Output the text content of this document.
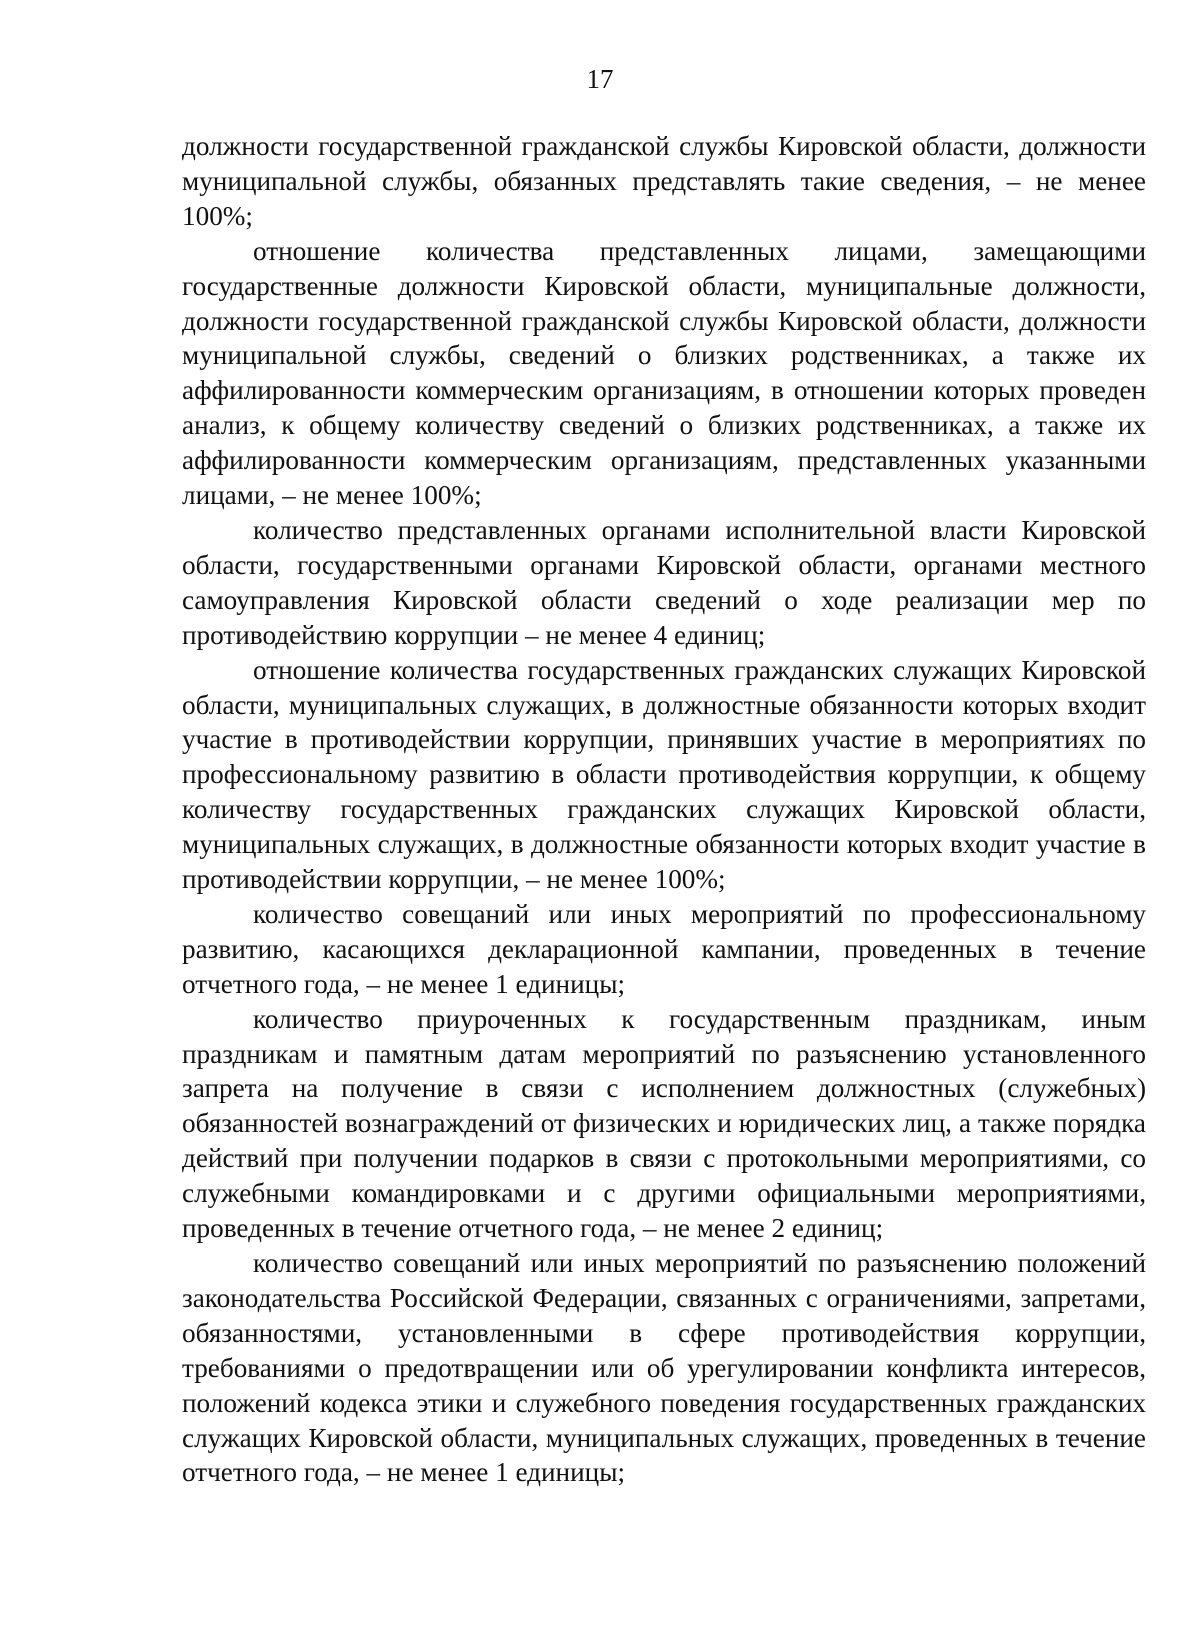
17

должности государственной гражданской службы Кировской области, должности муниципальной службы, обязанных представлять такие сведения, – не менее 100%;

отношение количества представленных лицами, замещающими государственные должности Кировской области, муниципальные должности, должности государственной гражданской службы Кировской области, должности муниципальной службы, сведений о близких родственниках, а также их аффилированности коммерческим организациям, в отношении которых проведен анализ, к общему количеству сведений о близких родственниках, а также их аффилированности коммерческим организациям, представленных указанными лицами, – не менее 100%;

количество представленных органами исполнительной власти Кировской области, государственными органами Кировской области, органами местного самоуправления Кировской области сведений о ходе реализации мер по противодействию коррупции – не менее 4 единиц;

отношение количества государственных гражданских служащих Кировской области, муниципальных служащих, в должностные обязанности которых входит участие в противодействии коррупции, принявших участие в мероприятиях по профессиональному развитию в области противодействия коррупции, к общему количеству государственных гражданских служащих Кировской области, муниципальных служащих, в должностные обязанности которых входит участие в противодействии коррупции, – не менее 100%;

количество совещаний или иных мероприятий по профессиональному развитию, касающихся декларационной кампании, проведенных в течение отчетного года, – не менее 1 единицы;

количество приуроченных к государственным праздникам, иным праздникам и памятным датам мероприятий по разъяснению установленного запрета на получение в связи с исполнением должностных (служебных) обязанностей вознаграждений от физических и юридических лиц, а также порядка действий при получении подарков в связи с протокольными мероприятиями, со служебными командировками и с другими официальными мероприятиями, проведенных в течение отчетного года, – не менее 2 единиц;

количество совещаний или иных мероприятий по разъяснению положений законодательства Российской Федерации, связанных с ограничениями, запретами, обязанностями, установленными в сфере противодействия коррупции, требованиями о предотвращении или об урегулировании конфликта интересов, положений кодекса этики и служебного поведения государственных гражданских служащих Кировской области, муниципальных служащих, проведенных в течение отчетного года, – не менее 1 единицы;
